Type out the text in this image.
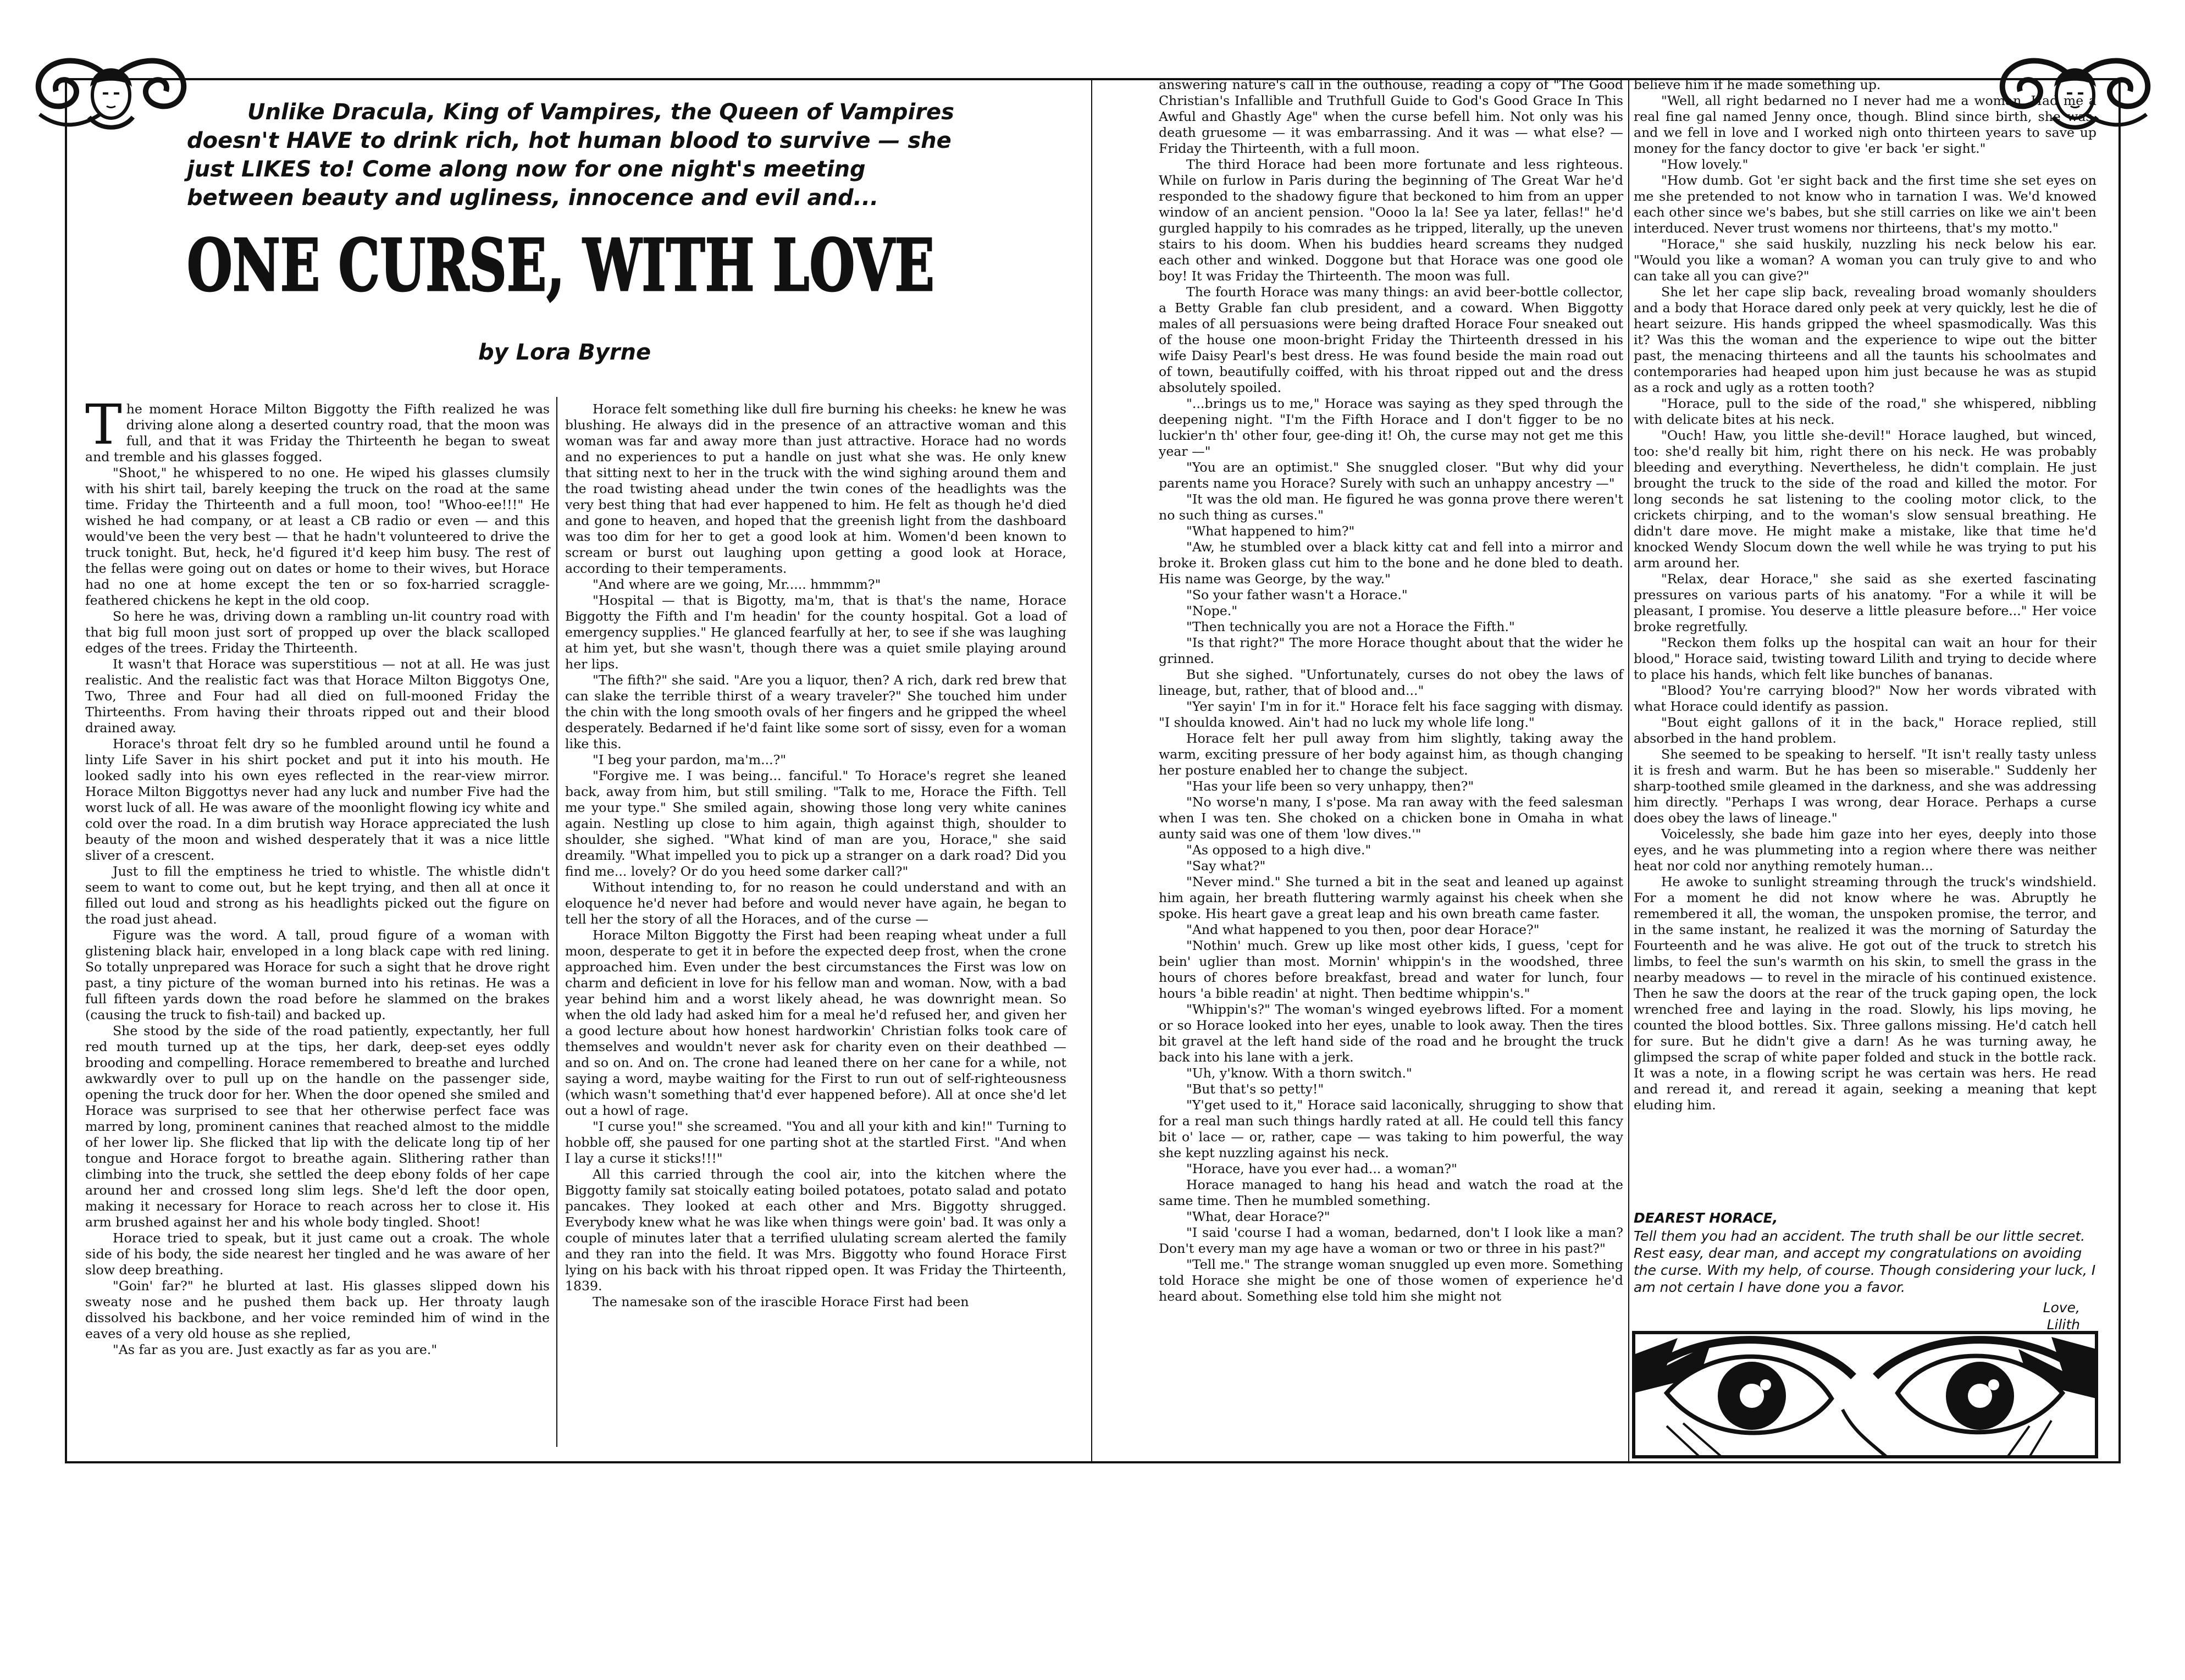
Unlike Dracula, King of Vampires, the Queen of Vampires doesn't HAVE to drink rich, hot human blood to survive — she just LIKES to! Come along now for one night's meeting between beauty and ugliness, innocence and evil and...

ONE CURSE, WITH LOVE

by Lora Byrne

The moment Horace Milton Biggotty the Fifth realized he was driving alone along a deserted country road, that the moon was full, and that it was Friday the Thirteenth he began to sweat and tremble and his glasses fogged.

"Shoot," he whispered to no one. He wiped his glasses clumsily with his shirt tail, barely keeping the truck on the road at the same time. Friday the Thirteenth and a full moon, too! "Whoo-ee!!!" He wished he had company, or at least a CB radio or even — and this would've been the very best — that he hadn't volunteered to drive the truck tonight. But, heck, he'd figured it'd keep him busy. The rest of the fellas were going out on dates or home to their wives, but Horace had no one at home except the ten or so fox-harried scraggle-feathered chickens he kept in the old coop.

So here he was, driving down a rambling un-lit country road with that big full moon just sort of propped up over the black scalloped edges of the trees. Friday the Thirteenth.

It wasn't that Horace was superstitious — not at all. He was just realistic. And the realistic fact was that Horace Milton Biggotys One, Two, Three and Four had all died on full-mooned Friday the Thirteenths. From having their throats ripped out and their blood drained away.

Horace's throat felt dry so he fumbled around until he found a linty Life Saver in his shirt pocket and put it into his mouth. He looked sadly into his own eyes reflected in the rear-view mirror. Horace Milton Biggottys never had any luck and number Five had the worst luck of all. He was aware of the moonlight flowing icy white and cold over the road. In a dim brutish way Horace appreciated the lush beauty of the moon and wished desperately that it was a nice little sliver of a crescent.

Just to fill the emptiness he tried to whistle. The whistle didn't seem to want to come out, but he kept trying, and then all at once it filled out loud and strong as his headlights picked out the figure on the road just ahead.

Figure was the word. A tall, proud figure of a woman with glistening black hair, enveloped in a long black cape with red lining. So totally unprepared was Horace for such a sight that he drove right past, a tiny picture of the woman burned into his retinas. He was a full fifteen yards down the road before he slammed on the brakes (causing the truck to fish-tail) and backed up.

She stood by the side of the road patiently, expectantly, her full red mouth turned up at the tips, her dark, deep-set eyes oddly brooding and compelling. Horace remembered to breathe and lurched awkwardly over to pull up on the handle on the passenger side, opening the truck door for her. When the door opened she smiled and Horace was surprised to see that her otherwise perfect face was marred by long, prominent canines that reached almost to the middle of her lower lip. She flicked that lip with the delicate long tip of her tongue and Horace forgot to breathe again. Slithering rather than climbing into the truck, she settled the deep ebony folds of her cape around her and crossed long slim legs. She'd left the door open, making it necessary for Horace to reach across her to close it. His arm brushed against her and his whole body tingled. Shoot!

Horace tried to speak, but it just came out a croak. The whole side of his body, the side nearest her tingled and he was aware of her slow deep breathing.

"Goin' far?" he blurted at last. His glasses slipped down his sweaty nose and he pushed them back up. Her throaty laugh dissolved his backbone, and her voice reminded him of wind in the eaves of a very old house as she replied,

"As far as you are. Just exactly as far as you are."

Horace felt something like dull fire burning his cheeks: he knew he was blushing. He always did in the presence of an attractive woman and this woman was far and away more than just attractive. Horace had no words and no experiences to put a handle on just what she was. He only knew that sitting next to her in the truck with the wind sighing around them and the road twisting ahead under the twin cones of the headlights was the very best thing that had ever happened to him. He felt as though he'd died and gone to heaven, and hoped that the greenish light from the dashboard was too dim for her to get a good look at him. Women'd been known to scream or burst out laughing upon getting a good look at Horace, according to their temperaments.

"And where are we going, Mr..... hmmmm?"

"Hospital — that is Bigotty, ma'm, that is that's the name, Horace Biggotty the Fifth and I'm headin' for the county hospital. Got a load of emergency supplies." He glanced fearfully at her, to see if she was laughing at him yet, but she wasn't, though there was a quiet smile playing around her lips.

"The fifth?" she said. "Are you a liquor, then? A rich, dark red brew that can slake the terrible thirst of a weary traveler?" She touched him under the chin with the long smooth ovals of her fingers and he gripped the wheel desperately. Bedarned if he'd faint like some sort of sissy, even for a woman like this.

"I beg your pardon, ma'm...?"

"Forgive me. I was being... fanciful." To Horace's regret she leaned back, away from him, but still smiling. "Talk to me, Horace the Fifth. Tell me your type." She smiled again, showing those long very white canines again. Nestling up close to him again, thigh against thigh, shoulder to shoulder, she sighed. "What kind of man are you, Horace," she said dreamily. "What impelled you to pick up a stranger on a dark road? Did you find me... lovely? Or do you heed some darker call?"

Without intending to, for no reason he could understand and with an eloquence he'd never had before and would never have again, he began to tell her the story of all the Horaces, and of the curse —

Horace Milton Biggotty the First had been reaping wheat under a full moon, desperate to get it in before the expected deep frost, when the crone approached him. Even under the best circumstances the First was low on charm and deficient in love for his fellow man and woman. Now, with a bad year behind him and a worst likely ahead, he was downright mean. So when the old lady had asked him for a meal he'd refused her, and given her a good lecture about how honest hardworkin' Christian folks took care of themselves and wouldn't never ask for charity even on their deathbed — and so on. And on. The crone had leaned there on her cane for a while, not saying a word, maybe waiting for the First to run out of self-righteousness (which wasn't something that'd ever happened before). All at once she'd let out a howl of rage.

"I curse you!" she screamed. "You and all your kith and kin!" Turning to hobble off, she paused for one parting shot at the startled First. "And when I lay a curse it sticks!!!"

All this carried through the cool air, into the kitchen where the Biggotty family sat stoically eating boiled potatoes, potato salad and potato pancakes. They looked at each other and Mrs. Biggotty shrugged. Everybody knew what he was like when things were goin' bad. It was only a couple of minutes later that a terrified ululating scream alerted the family and they ran into the field. It was Mrs. Biggotty who found Horace First lying on his back with his throat ripped open. It was Friday the Thirteenth, 1839.

The namesake son of the irascible Horace First had been

answering nature's call in the outhouse, reading a copy of "The Good Christian's Infallible and Truthfull Guide to God's Good Grace In This Awful and Ghastly Age" when the curse befell him. Not only was his death gruesome — it was embarrassing. And it was — what else? — Friday the Thirteenth, with a full moon.

The third Horace had been more fortunate and less righteous. While on furlow in Paris during the beginning of The Great War he'd responded to the shadowy figure that beckoned to him from an upper window of an ancient pension. "Oooo la la! See ya later, fellas!" he'd gurgled happily to his comrades as he tripped, literally, up the uneven stairs to his doom. When his buddies heard screams they nudged each other and winked. Doggone but that Horace was one good ole boy! It was Friday the Thirteenth. The moon was full.

The fourth Horace was many things: an avid beer-bottle collector, a Betty Grable fan club president, and a coward. When Biggotty males of all persuasions were being drafted Horace Four sneaked out of the house one moon-bright Friday the Thirteenth dressed in his wife Daisy Pearl's best dress. He was found beside the main road out of town, beautifully coiffed, with his throat ripped out and the dress absolutely spoiled.

"...brings us to me," Horace was saying as they sped through the deepening night. "I'm the Fifth Horace and I don't figger to be no luckier'n th' other four, gee-ding it! Oh, the curse may not get me this year —"

"You are an optimist." She snuggled closer. "But why did your parents name you Horace? Surely with such an unhappy ancestry —"

"It was the old man. He figured he was gonna prove there weren't no such thing as curses."

"What happened to him?"

"Aw, he stumbled over a black kitty cat and fell into a mirror and broke it. Broken glass cut him to the bone and he done bled to death. His name was George, by the way."

"So your father wasn't a Horace."

"Nope."

"Then technically you are not a Horace the Fifth."

"Is that right?" The more Horace thought about that the wider he grinned.

But she sighed. "Unfortunately, curses do not obey the laws of lineage, but, rather, that of blood and..."

"Yer sayin' I'm in for it." Horace felt his face sagging with dismay. "I shoulda knowed. Ain't had no luck my whole life long."

Horace felt her pull away from him slightly, taking away the warm, exciting pressure of her body against him, as though changing her posture enabled her to change the subject.

"Has your life been so very unhappy, then?"

"No worse'n many, I s'pose. Ma ran away with the feed salesman when I was ten. She choked on a chicken bone in Omaha in what aunty said was one of them 'low dives.'"

"As opposed to a high dive."

"Say what?"

"Never mind." She turned a bit in the seat and leaned up against him again, her breath fluttering warmly against his cheek when she spoke. His heart gave a great leap and his own breath came faster.

"And what happened to you then, poor dear Horace?"

"Nothin' much. Grew up like most other kids, I guess, 'cept for bein' uglier than most. Mornin' whippin's in the woodshed, three hours of chores before breakfast, bread and water for lunch, four hours 'a bible readin' at night. Then bedtime whippin's."

"Whippin's?" The woman's winged eyebrows lifted. For a moment or so Horace looked into her eyes, unable to look away. Then the tires bit gravel at the left hand side of the road and he brought the truck back into his lane with a jerk.

"Uh, y'know. With a thorn switch."

"But that's so petty!"

"Y'get used to it," Horace said laconically, shrugging to show that for a real man such things hardly rated at all. He could tell this fancy bit o' lace — or, rather, cape — was taking to him powerful, the way she kept nuzzling against his neck.

"Horace, have you ever had... a woman?"

Horace managed to hang his head and watch the road at the same time. Then he mumbled something.

"What, dear Horace?"

"I said 'course I had a woman, bedarned, don't I look like a man? Don't every man my age have a woman or two or three in his past?"

"Tell me." The strange woman snuggled up even more. Something told Horace she might be one of those women of experience he'd heard about. Something else told him she might not

believe him if he made something up.

"Well, all right bedarned no I never had me a woman. Had me a real fine gal named Jenny once, though. Blind since birth, she was, and we fell in love and I worked nigh onto thirteen years to save up money for the fancy doctor to give 'er back 'er sight."

"How lovely."

"How dumb. Got 'er sight back and the first time she set eyes on me she pretended to not know who in tarnation I was. We'd knowed each other since we's babes, but she still carries on like we ain't been interduced. Never trust womens nor thirteens, that's my motto."

"Horace," she said huskily, nuzzling his neck below his ear. "Would you like a woman? A woman you can truly give to and who can take all you can give?"

She let her cape slip back, revealing broad womanly shoulders and a body that Horace dared only peek at very quickly, lest he die of heart seizure. His hands gripped the wheel spasmodically. Was this it? Was this the woman and the experience to wipe out the bitter past, the menacing thirteens and all the taunts his schoolmates and contemporaries had heaped upon him just because he was as stupid as a rock and ugly as a rotten tooth?

"Horace, pull to the side of the road," she whispered, nibbling with delicate bites at his neck.

"Ouch! Haw, you little she-devil!" Horace laughed, but winced, too: she'd really bit him, right there on his neck. He was probably bleeding and everything. Nevertheless, he didn't complain. He just brought the truck to the side of the road and killed the motor. For long seconds he sat listening to the cooling motor click, to the crickets chirping, and to the woman's slow sensual breathing. He didn't dare move. He might make a mistake, like that time he'd knocked Wendy Slocum down the well while he was trying to put his arm around her.

"Relax, dear Horace," she said as she exerted fascinating pressures on various parts of his anatomy. "For a while it will be pleasant, I promise. You deserve a little pleasure before..." Her voice broke regretfully.

"Reckon them folks up the hospital can wait an hour for their blood," Horace said, twisting toward Lilith and trying to decide where to place his hands, which felt like bunches of bananas.

"Blood? You're carrying blood?" Now her words vibrated with what Horace could identify as passion.

"Bout eight gallons of it in the back," Horace replied, still absorbed in the hand problem.

She seemed to be speaking to herself. "It isn't really tasty unless it is fresh and warm. But he has been so miserable." Suddenly her sharp-toothed smile gleamed in the darkness, and she was addressing him directly. "Perhaps I was wrong, dear Horace. Perhaps a curse does obey the laws of lineage."

Voicelessly, she bade him gaze into her eyes, deeply into those eyes, and he was plummeting into a region where there was neither heat nor cold nor anything remotely human...

He awoke to sunlight streaming through the truck's windshield. For a moment he did not know where he was. Abruptly he remembered it all, the woman, the unspoken promise, the terror, and in the same instant, he realized it was the morning of Saturday the Fourteenth and he was alive. He got out of the truck to stretch his limbs, to feel the sun's warmth on his skin, to smell the grass in the nearby meadows — to revel in the miracle of his continued existence. Then he saw the doors at the rear of the truck gaping open, the lock wrenched free and laying in the road. Slowly, his lips moving, he counted the blood bottles. Six. Three gallons missing. He'd catch hell for sure. But he didn't give a darn! As he was turning away, he glimpsed the scrap of white paper folded and stuck in the bottle rack. It was a note, in a flowing script he was certain was hers. He read and reread it, and reread it again, seeking a meaning that kept eluding him.

DEAREST HORACE,

Tell them you had an accident. The truth shall be our little secret. Rest easy, dear man, and accept my congratulations on avoiding the curse. With my help, of course. Though considering your luck, I am not certain I have done you a favor.

Love,

Lilith
